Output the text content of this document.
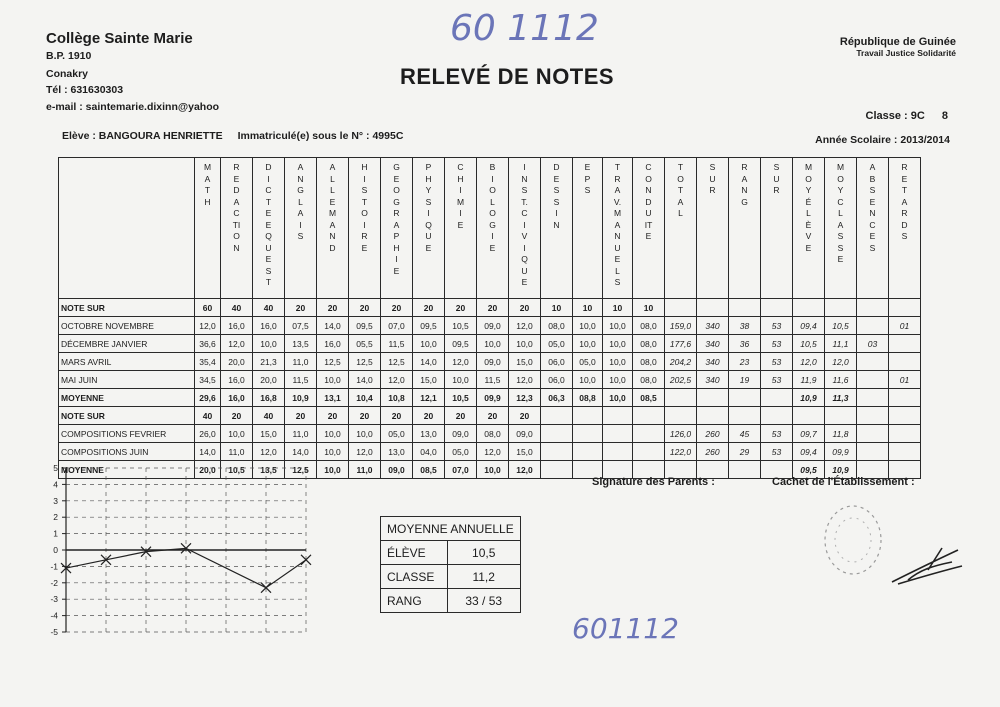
Collège Sainte Marie
B.P. 1910
Conakry
Tél : 631630303
e-mail : saintemarie.dixinn@yahoo
60 1112	République de Guinée
Travail Justice Solidarité
RELEVÉ DE NOTES
Classe : 9C 8
Elève : BANGOURA HENRIETTE Immatriculé(e) sous le N° : 4995C	Année Scolaire : 2013/2014
	MATH	REDACTION	DICTEE QUEST	ANGLAIS	ALLEMAND	HISTOIRE	GEOGRAPHIE	PHYSIQUE	CHIMIE	BIOLOGIE	INST. CIVIQUE	DESSIN	EPS	TRAV. MANUELS	CONDUITE	TOTAL	SUR	RANG	SUR	MOY ÉLÈVE	MOY CLASSE	ABSENCES	RETARDS
NOTE SUR	60	40	40	20	20	20	20	20	20	20	20	10	10	10	10								
OCTOBRE NOVEMBRE	12,0	16,0	16,0	07,5	14,0	09,5	07,0	09,5	10,5	09,0	12,0	08,0	10,0	10,0	08,0	159,0	340	38	53	09,4	10,5		01
DÉCEMBRE JANVIER	36,6	12,0	10,0	13,5	16,0	05,5	11,5	10,0	09,5	10,0	10,0	05,0	10,0	10,0	08,0	177,6	340	36	53	10,5	11,1	03	
MARS AVRIL	35,4	20,0	21,3	11,0	12,5	12,5	12,5	14,0	12,0	09,0	15,0	06,0	05,0	10,0	08,0	204,2	340	23	53	12,0	12,0		
MAI JUIN	34,5	16,0	20,0	11,5	10,0	14,0	12,0	15,0	10,0	11,5	12,0	06,0	10,0	10,0	08,0	202,5	340	19	53	11,9	11,6		01
MOYENNE	29,6	16,0	16,8	10,9	13,1	10,4	10,8	12,1	10,5	09,9	12,3	06,3	08,8	10,0	08,5					10,9	11,3		
NOTE SUR	40	20	40	20	20	20	20	20	20	20	20												
COMPOSITIONS FEVRIER	26,0	10,0	15,0	11,0	10,0	10,0	05,0	13,0	09,0	08,0	09,0					126,0	260	45	53	09,7	11,8		
COMPOSITIONS JUIN	14,0	11,0	12,0	14,0	10,0	12,0	13,0	04,0	05,0	12,0	15,0					122,0	260	29	53	09,4	09,9		
MOYENNE	20,0	10,5	13,5	12,5	10,0	11,0	09,0	08,5	07,0	10,0	12,0									09,5	10,9		
Signature des Parents :	Cachet de l'Établissement :
MOYENNE ANNUELLE	
ÉLÈVE	10,5
CLASSE	11,2
RANG	33 / 53
601112
5
4
3
2
1
0
-1
-2
-3
-4
-5
